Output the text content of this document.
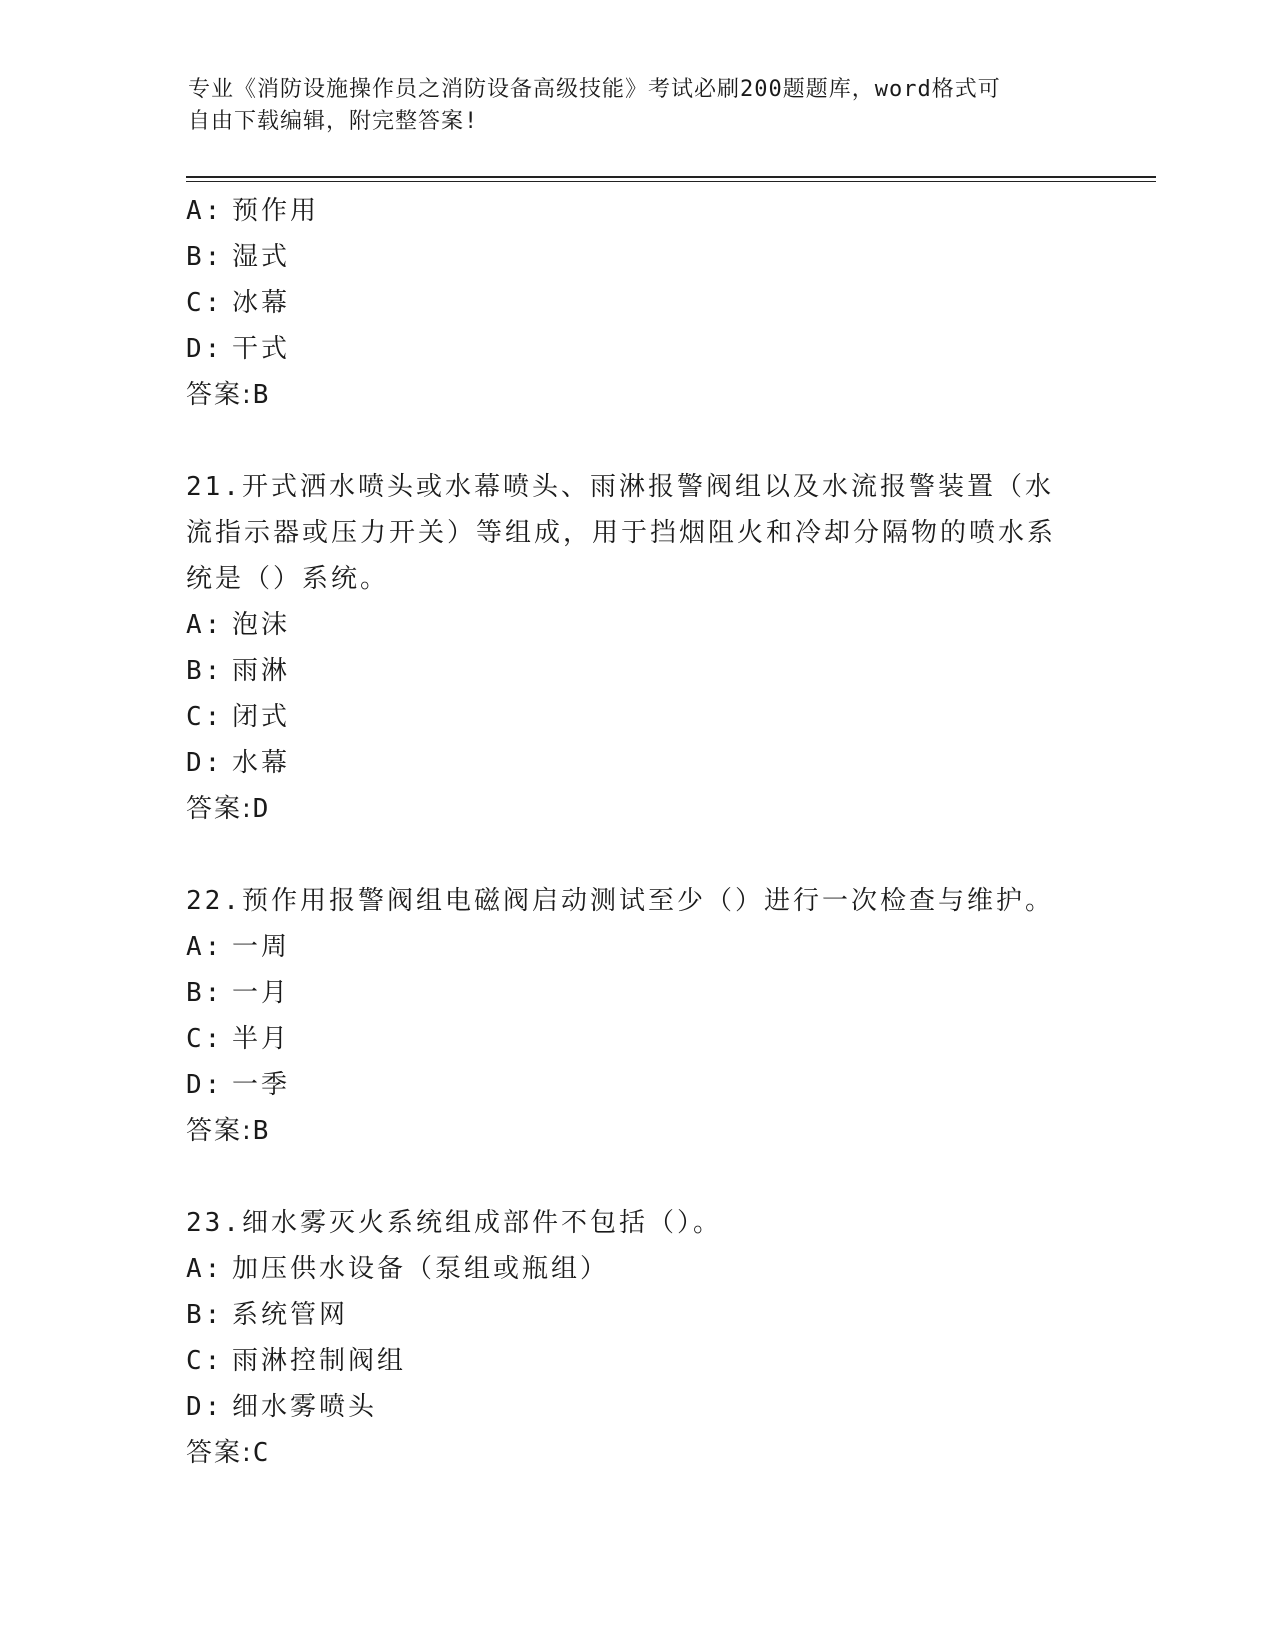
专业《消防设施操作员之消防设备高级技能》考试必刷200题题库，word格式可
自由下载编辑，附完整答案!
A: 预作用
B: 湿式
C: 冰幕
D: 干式
答案:B
21.开式洒水喷头或水幕喷头、雨淋报警阀组以及水流报警装置（水流指示器或压力开关）等组成，用于挡烟阻火和冷却分隔物的喷水系统是（）系统。
A: 泡沫
B: 雨淋
C: 闭式
D: 水幕
答案:D
22.预作用报警阀组电磁阀启动测试至少（）进行一次检查与维护。
A: 一周
B: 一月
C: 半月
D: 一季
答案:B
23.细水雾灭火系统组成部件不包括（）。
A: 加压供水设备（泵组或瓶组）
B: 系统管网
C: 雨淋控制阀组
D: 细水雾喷头
答案:C
